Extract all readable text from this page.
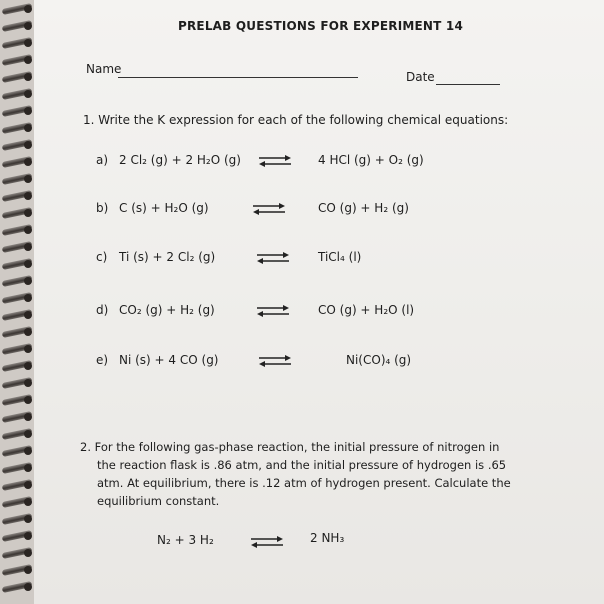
PRELAB QUESTIONS FOR EXPERIMENT 14
Name
Date
1. Write the K expression for each of the following chemical equations:
a) 2 Cl₂ (g) + 2 H₂O (g) ⇌ 4 HCl (g) + O₂ (g)
b) C (s) + H₂O (g)	CO (g) + H₂ (g)
c) Ti (s) + 2 Cl₂ (g)	TiCl₄ (l)
d) CO₂ (g) + H₂ (g)	CO (g) + H₂O (l)
e) Ni (s) + 4 CO (g)	Ni(CO)₄ (g)
2. For the following gas-phase reaction, the initial pressure of nitrogen in
the reaction flask is .86 atm, and the initial pressure of hydrogen is .65
atm. At equilibrium, there is .12 atm of hydrogen present. Calculate the
equilibrium constant.
N₂ + 3 H₂	2 NH₃
